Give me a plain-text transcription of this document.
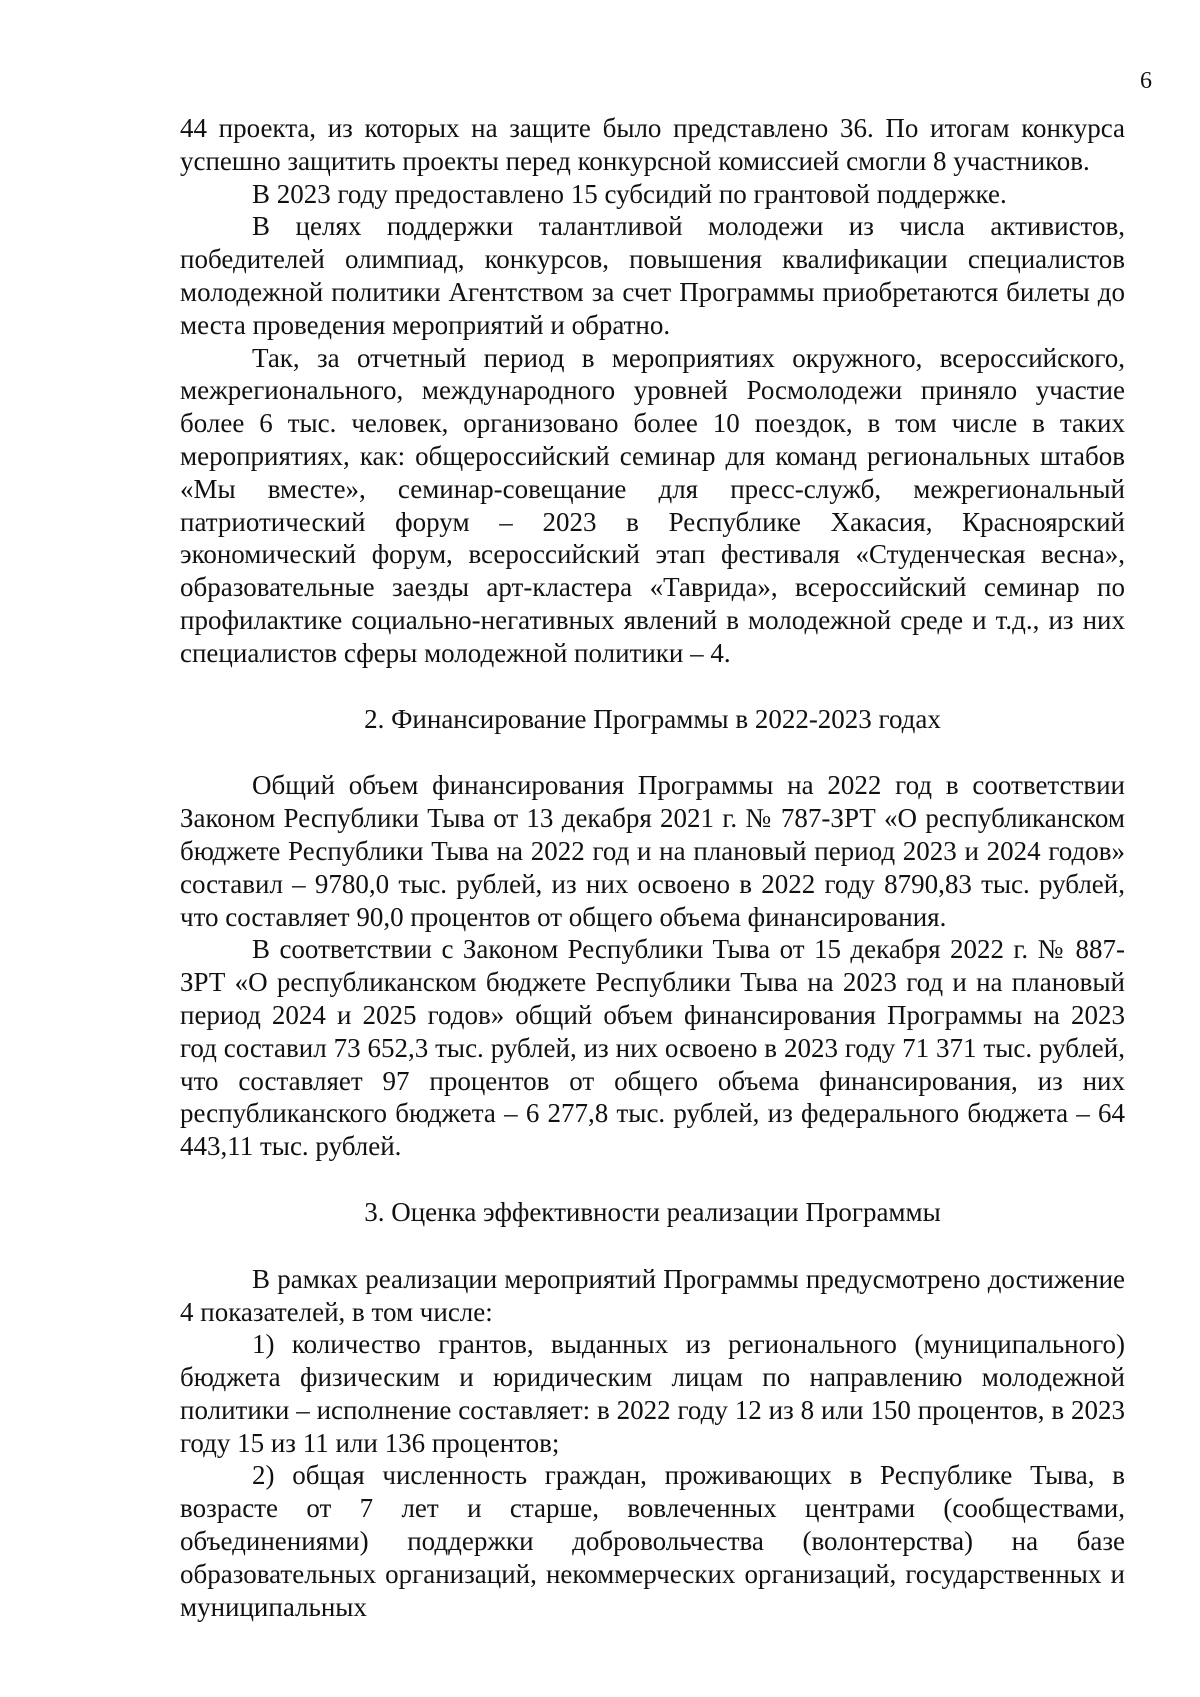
6

44 проекта, из которых на защите было представлено 36. По итогам конкурса успешно защитить проекты перед конкурсной комиссией смогли 8 участников.

В 2023 году предоставлено 15 субсидий по грантовой поддержке.

В целях поддержки талантливой молодежи из числа активистов, победителей олимпиад, конкурсов, повышения квалификации специалистов молодежной политики Агентством за счет Программы приобретаются билеты до места проведения мероприятий и обратно.

Так, за отчетный период в мероприятиях окружного, всероссийского, межрегионального, международного уровней Росмолодежи приняло участие более 6 тыс. человек, организовано более 10 поездок, в том числе в таких мероприятиях, как: общероссийский семинар для команд региональных штабов «Мы вместе», семинар-совещание для пресс-служб, межрегиональный патриотический форум – 2023 в Республике Хакасия, Красноярский экономический форум, всероссийский этап фестиваля «Студенческая весна», образовательные заезды арт-кластера «Таврида», всероссийский семинар по профилактике социально-негативных явлений в молодежной среде и т.д., из них специалистов сферы молодежной политики – 4.

2. Финансирование Программы в 2022-2023 годах

Общий объем финансирования Программы на 2022 год в соответствии Законом Республики Тыва от 13 декабря 2021 г. № 787-ЗРТ «О республиканском бюджете Республики Тыва на 2022 год и на плановый период 2023 и 2024 годов» составил – 9780,0 тыс. рублей, из них освоено в 2022 году 8790,83 тыс. рублей, что составляет 90,0 процентов от общего объема финансирования.

В соответствии с Законом Республики Тыва от 15 декабря 2022 г. № 887-ЗРТ «О республиканском бюджете Республики Тыва на 2023 год и на плановый период 2024 и 2025 годов» общий объем финансирования Программы на 2023 год составил 73 652,3 тыс. рублей, из них освоено в 2023 году 71 371 тыс. рублей, что составляет 97 процентов от общего объема финансирования, из них республиканского бюджета – 6 277,8 тыс. рублей, из федерального бюджета – 64 443,11 тыс. рублей.

3. Оценка эффективности реализации Программы

В рамках реализации мероприятий Программы предусмотрено достижение 4 показателей, в том числе:

1) количество грантов, выданных из регионального (муниципального) бюджета физическим и юридическим лицам по направлению молодежной политики – исполнение составляет: в 2022 году 12 из 8 или 150 процентов, в 2023 году 15 из 11 или 136 процентов;

2) общая численность граждан, проживающих в Республике Тыва, в возрасте от 7 лет и старше, вовлеченных центрами (сообществами, объединениями) поддержки добровольчества (волонтерства) на базе образовательных организаций, некоммерческих организаций, государственных и муниципальных
